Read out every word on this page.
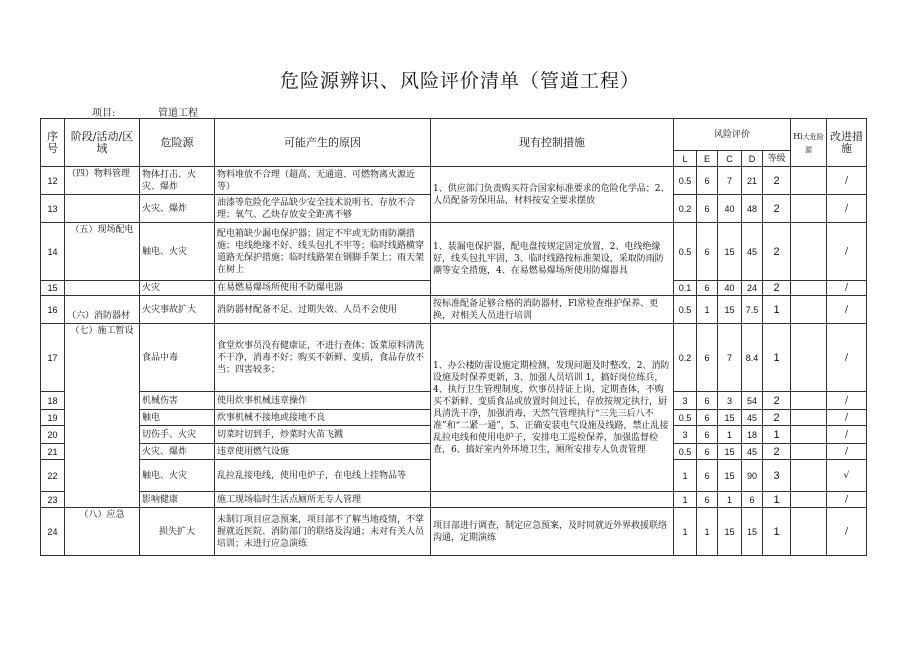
危险源辨识、风险评价清单（管道工程）
项目:	管道工程
序号	阶段/活动/区域	危险源	可能产生的原因	现有控制措施	风险评价					Hi大危险源	改进措施
					L	E	C	D	等级		
12	（四）物料管理	物体打击、火灾、爆炸	物料堆放不合理（超高、无通道、可燃物离火源近等）	1、供应部门负责购买符合国家标准要求的危险化学品；2、人员配备劳保用品，材料按安全要求摆放	0.5	6	7	21	2		/
13		火灾、爆炸	油漆等危险化学品缺少安全技术说明书、存放不合理；氧气、乙炔存放安全距离不够		0.2	6	40	48	2		/
14	（五）现场配电	触电、火灾	配电箱缺少漏电保护器；固定不牢或无防雨防潮措施；电线绝缘不好、线头包扎不牢等；临时线路横穿道路无保护措施；临时线路架在钢脚手架上；雨天架在树上	1、装漏电保护器，配电盘按规定固定放置，2、电线绝缘好，线头包扎牢固，3、临时线路按标准架设，采取防雨防潮等安全措施，4、在易燃易爆场所使用防爆器具	0.5	6	15	45	2		/
15		火灾	在易燃易爆场所使用不防爆电器		0.1	6	40	24	2		/
16	（六）消防器材	火灾事故扩大	消防器材配备不足、过期失效、人员不会使用	按标准配备足够合格的消防器材，Fl常检查维护保养、更换，对相关人员进行培训	0.5	1	15	7.5	1		/
17	（七）施工暂设	食品中毒	食堂炊事员没有健康证，不进行查体；饭菜原料清洗不干净，消毒不好；购买不新鲜、变质，食品存放不当；四害较多；	1、办公楼防雷设施定期检测，发现问题及时整改，2、消防设施及时保养更新，3、加强人员培训 1，搞好岗位练兵，4、执行卫生管理制度，炊事员持证上岗，定期查体，不购买不新鲜、变质食品或放置时间过长，存放按规定执行，厨具清洗干净，加强消毒，天然气管理执行“三先三后八不准”和“二紧一通”，5、正确安装电气设施及线路，禁止乱接乱拉电线和使用电炉子，安排电工巡检保养，加强监督检查，6、搞好室内外环境卫生，厕所安排专人负责管理	0.2	6	7	8.4	1		/
18		机械伤害	使用炊事机械违章操作		3	6	3	54	2		/
19		触电	炊事机械不接地或接地不良		0.5	6	15	45	2		/
20		切伤手、火灾	切菜时切到手，炒菜时火苗飞溅		3	6	1	18	1		/
21		火灾、爆炸	违章使用燃气设施		0.5	6	15	45	2		/
22		触电、火灾	乱拉乱接电线，使用电炉子，在电线上挂物品等		1	6	15	90	3		√
23		影响健康	施工现场临时生活点厕所无专人管理		1	6	1	6	1		/
24	（八）应急	损失扩大	未制订项目应急预案，项目部不了解当地疫情，不掌握就近医院、消防部门的联络及沟通；未对有关人员培训；未进行应急演练	项目部进行调查，制定应急预案，及时同就近外界救援联络沟通，定期演练	1	1	15	15	1		/
